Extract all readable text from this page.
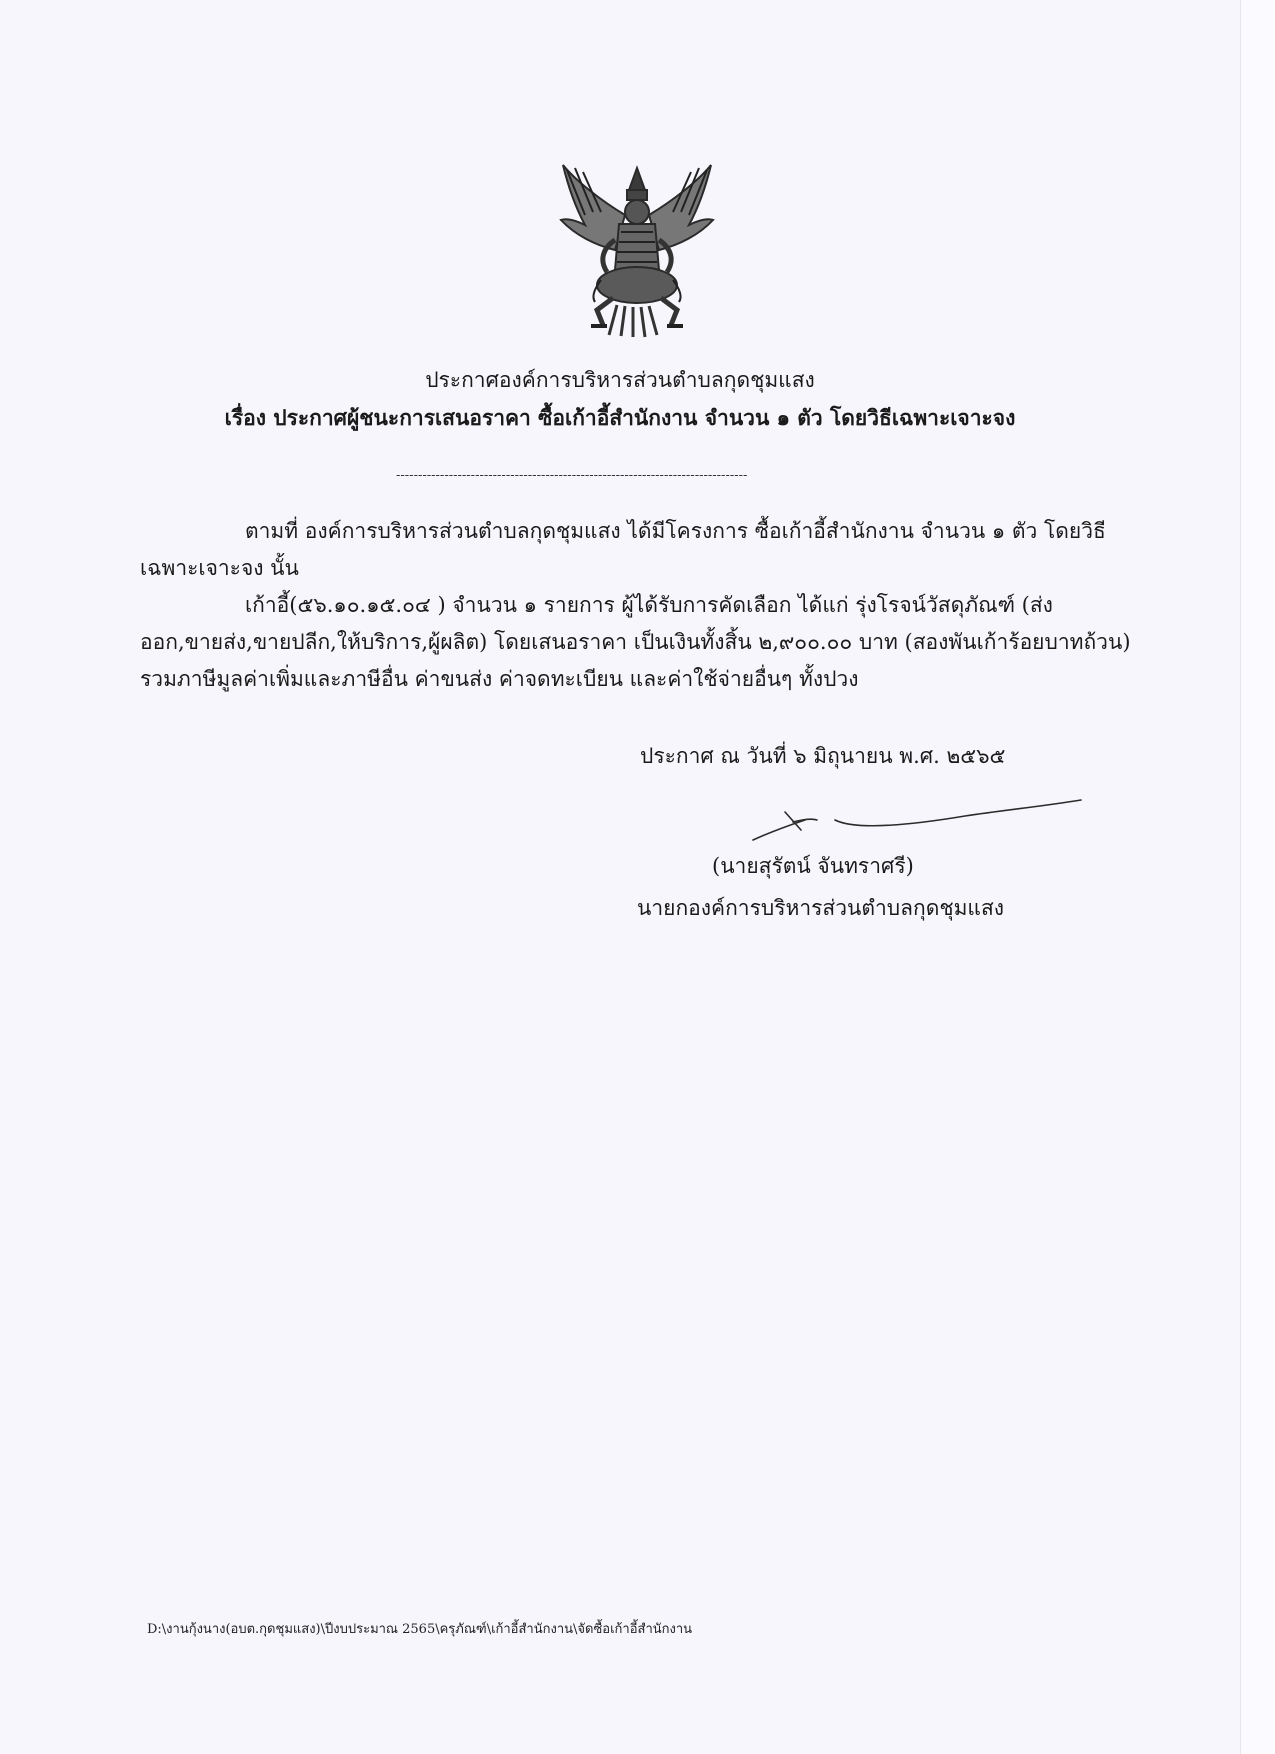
ประกาศองค์การบริหารส่วนตำบลกุดชุมแสง
เรื่อง ประกาศผู้ชนะการเสนอราคา ซื้อเก้าอี้สำนักงาน จำนวน ๑ ตัว โดยวิธีเฉพาะเจาะจง
--------------------------------------------------------------------------------
ตามที่ องค์การบริหารส่วนตำบลกุดชุมแสง ได้มีโครงการ ซื้อเก้าอี้สำนักงาน จำนวน ๑ ตัว โดยวิธีเฉพาะเจาะจง นั้น
เก้าอี้(๕๖.๑๐.๑๕.๐๔ ) จำนวน ๑ รายการ ผู้ได้รับการคัดเลือก ได้แก่ รุ่งโรจน์วัสดุภัณฑ์ (ส่งออก,ขายส่ง,ขายปลีก,ให้บริการ,ผู้ผลิต) โดยเสนอราคา เป็นเงินทั้งสิ้น ๒,๙๐๐.๐๐ บาท (สองพันเก้าร้อยบาทถ้วน) รวมภาษีมูลค่าเพิ่มและภาษีอื่น ค่าขนส่ง ค่าจดทะเบียน และค่าใช้จ่ายอื่นๆ ทั้งปวง
ประกาศ ณ วันที่ ๖ มิถุนายน พ.ศ. ๒๕๖๕
(นายสุรัตน์ จันทราศรี)
นายกองค์การบริหารส่วนตำบลกุดชุมแสง
D:\งานกุ้งนาง(อบต.กุดชุมแสง)\ปีงบประมาณ 2565\ครุภัณฑ์\เก้าอี้สำนักงาน\จัดซื้อเก้าอี้สำนักงาน
